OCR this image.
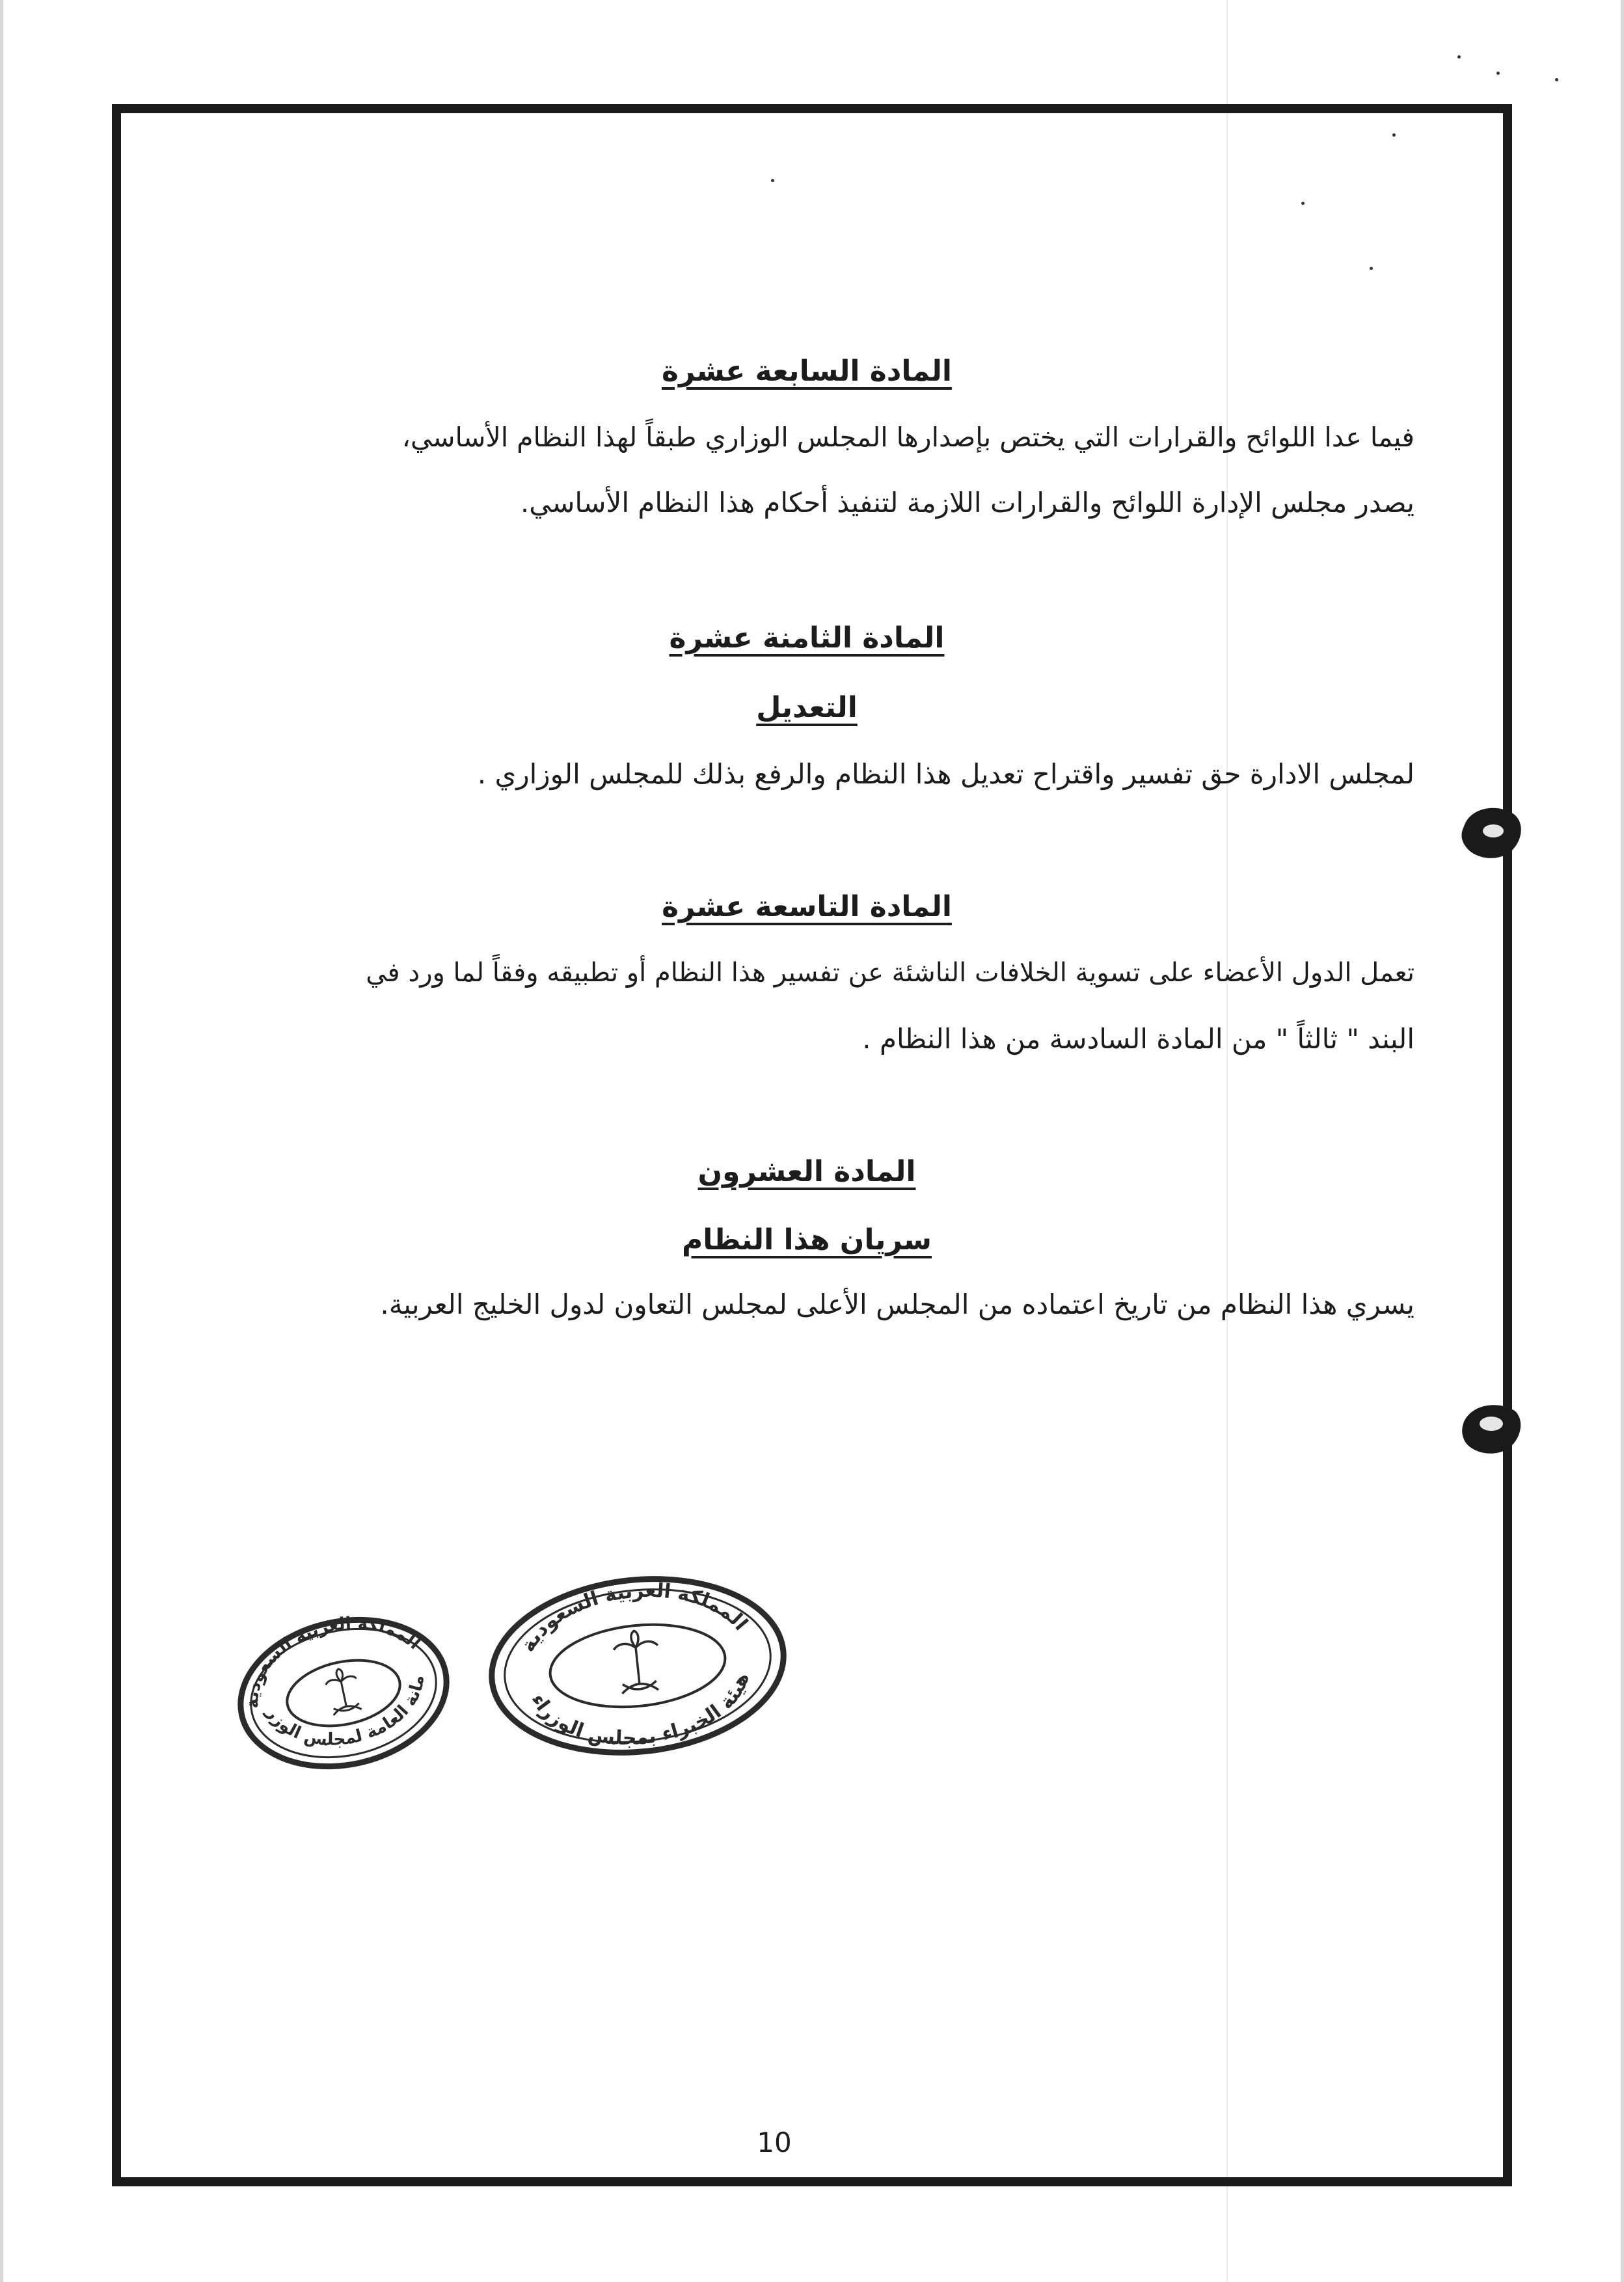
المادة السابعة عشرة
فيما عدا اللوائح والقرارات التي يختص بإصدارها المجلس الوزاري طبقاً لهذا النظام الأساسي،
يصدر مجلس الإدارة اللوائح والقرارات اللازمة لتنفيذ أحكام هذا النظام الأساسي.
المادة الثامنة عشرة
التعديل
لمجلس الادارة حق تفسير واقتراح تعديل هذا النظام والرفع بذلك للمجلس الوزاري .
المادة التاسعة عشرة
تعمل الدول الأعضاء على تسوية الخلافات الناشئة عن تفسير هذا النظام أو تطبيقه وفقاً لما ورد في
البند " ثالثاً " من المادة السادسة من هذا النظام .
المادة العشرون
سريان هذا النظام
يسري هذا النظام من تاريخ اعتماده من المجلس الأعلى لمجلس التعاون لدول الخليج العربية.
المملكة العربية السعودية
الأمانة العامة لمجلس الوزراء
المملكة العربية السعودية
هيئة الخبراء بمجلس الوزراء
10
